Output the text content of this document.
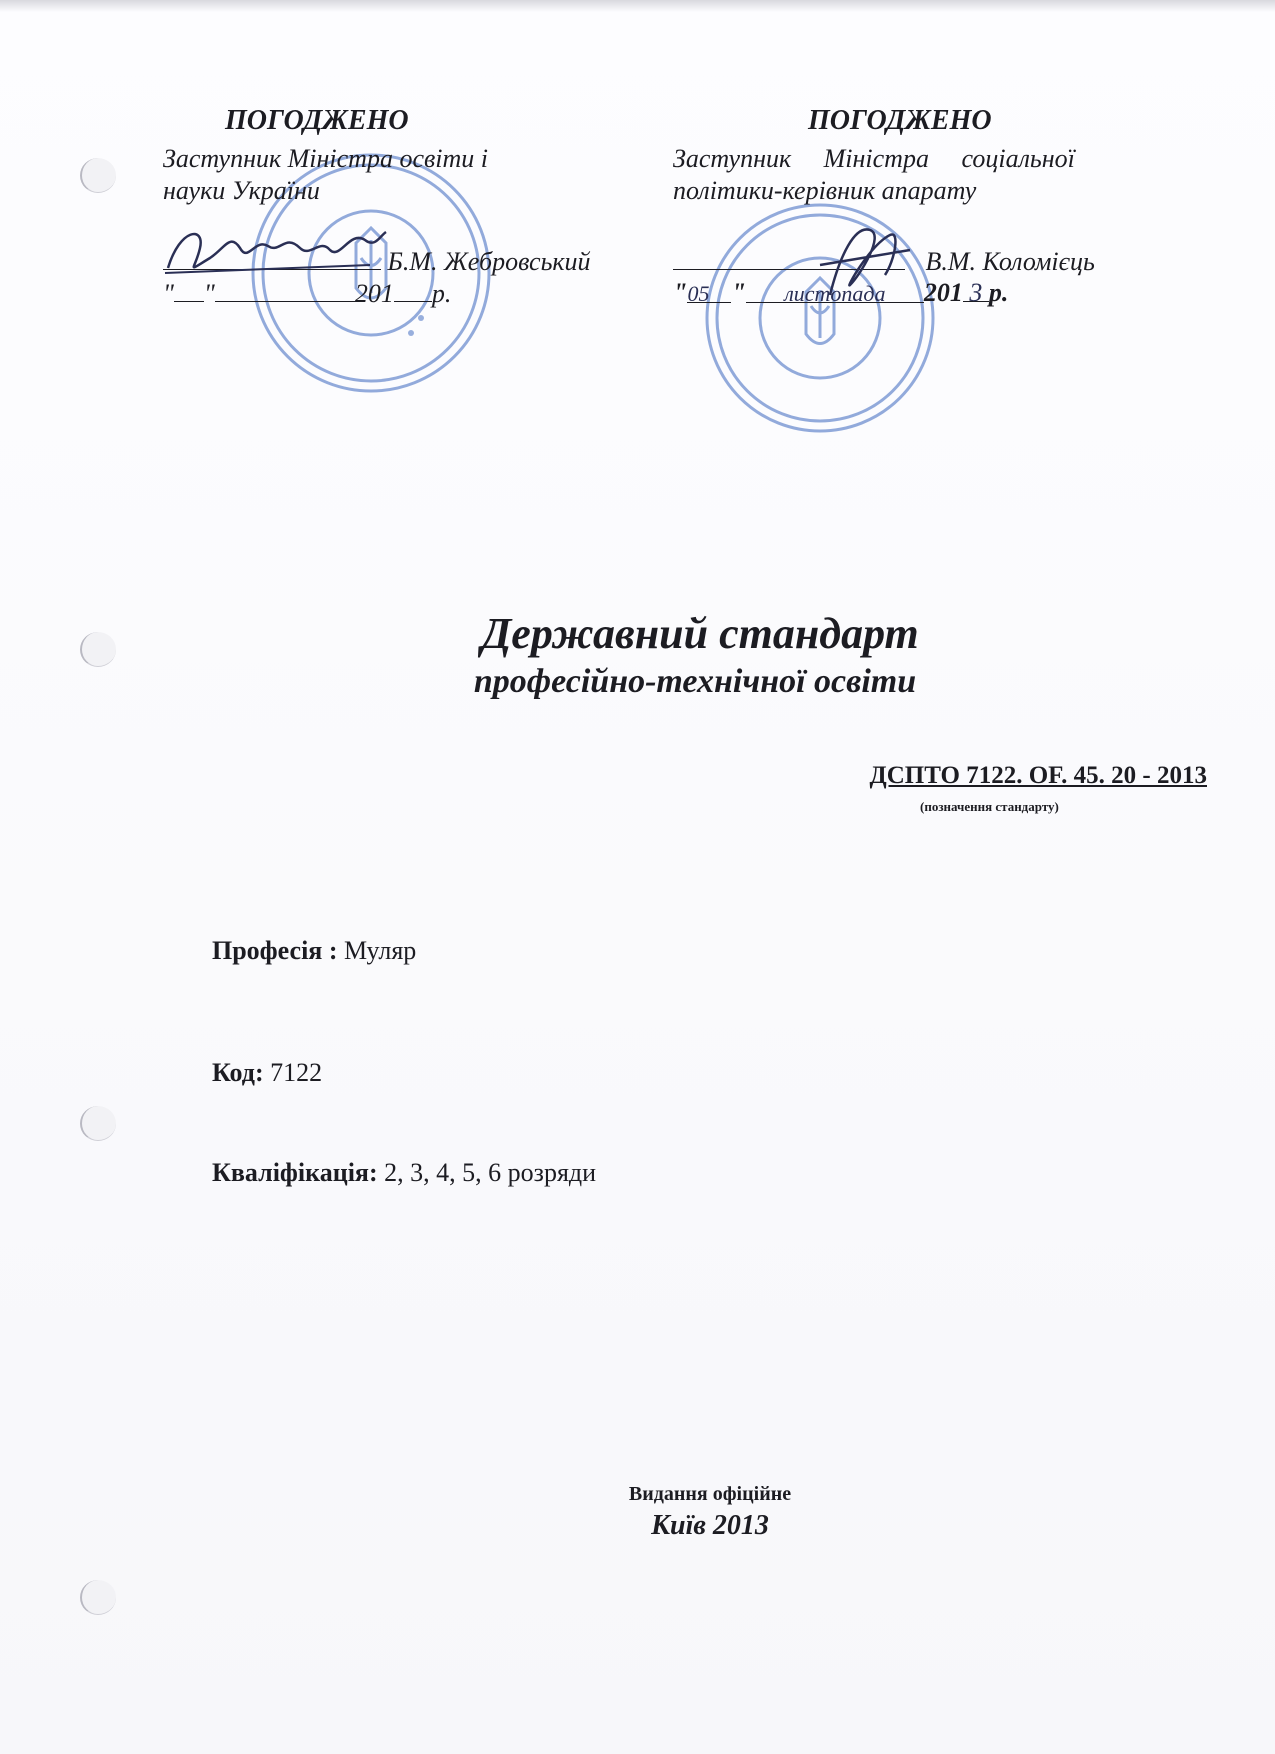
ПОГОДЖЕНО
Заступник Міністра освіти і
науки України
Б.М. Жебровський
" "	201 р.
ПОГОДЖЕНО
Заступник     Міністра     соціальної
політики-керівник апарату
В.М. Коломієць
"05 " листопада 201 3 р.
Державний стандарт
професійно-технічної освіти
ДСПТО 7122. OF. 45. 20 - 2013
(позначення стандарту)
Професія : Муляр
Код: 7122
Кваліфікація: 2, 3, 4, 5, 6 розряди
Видання офіційне
Київ 2013
